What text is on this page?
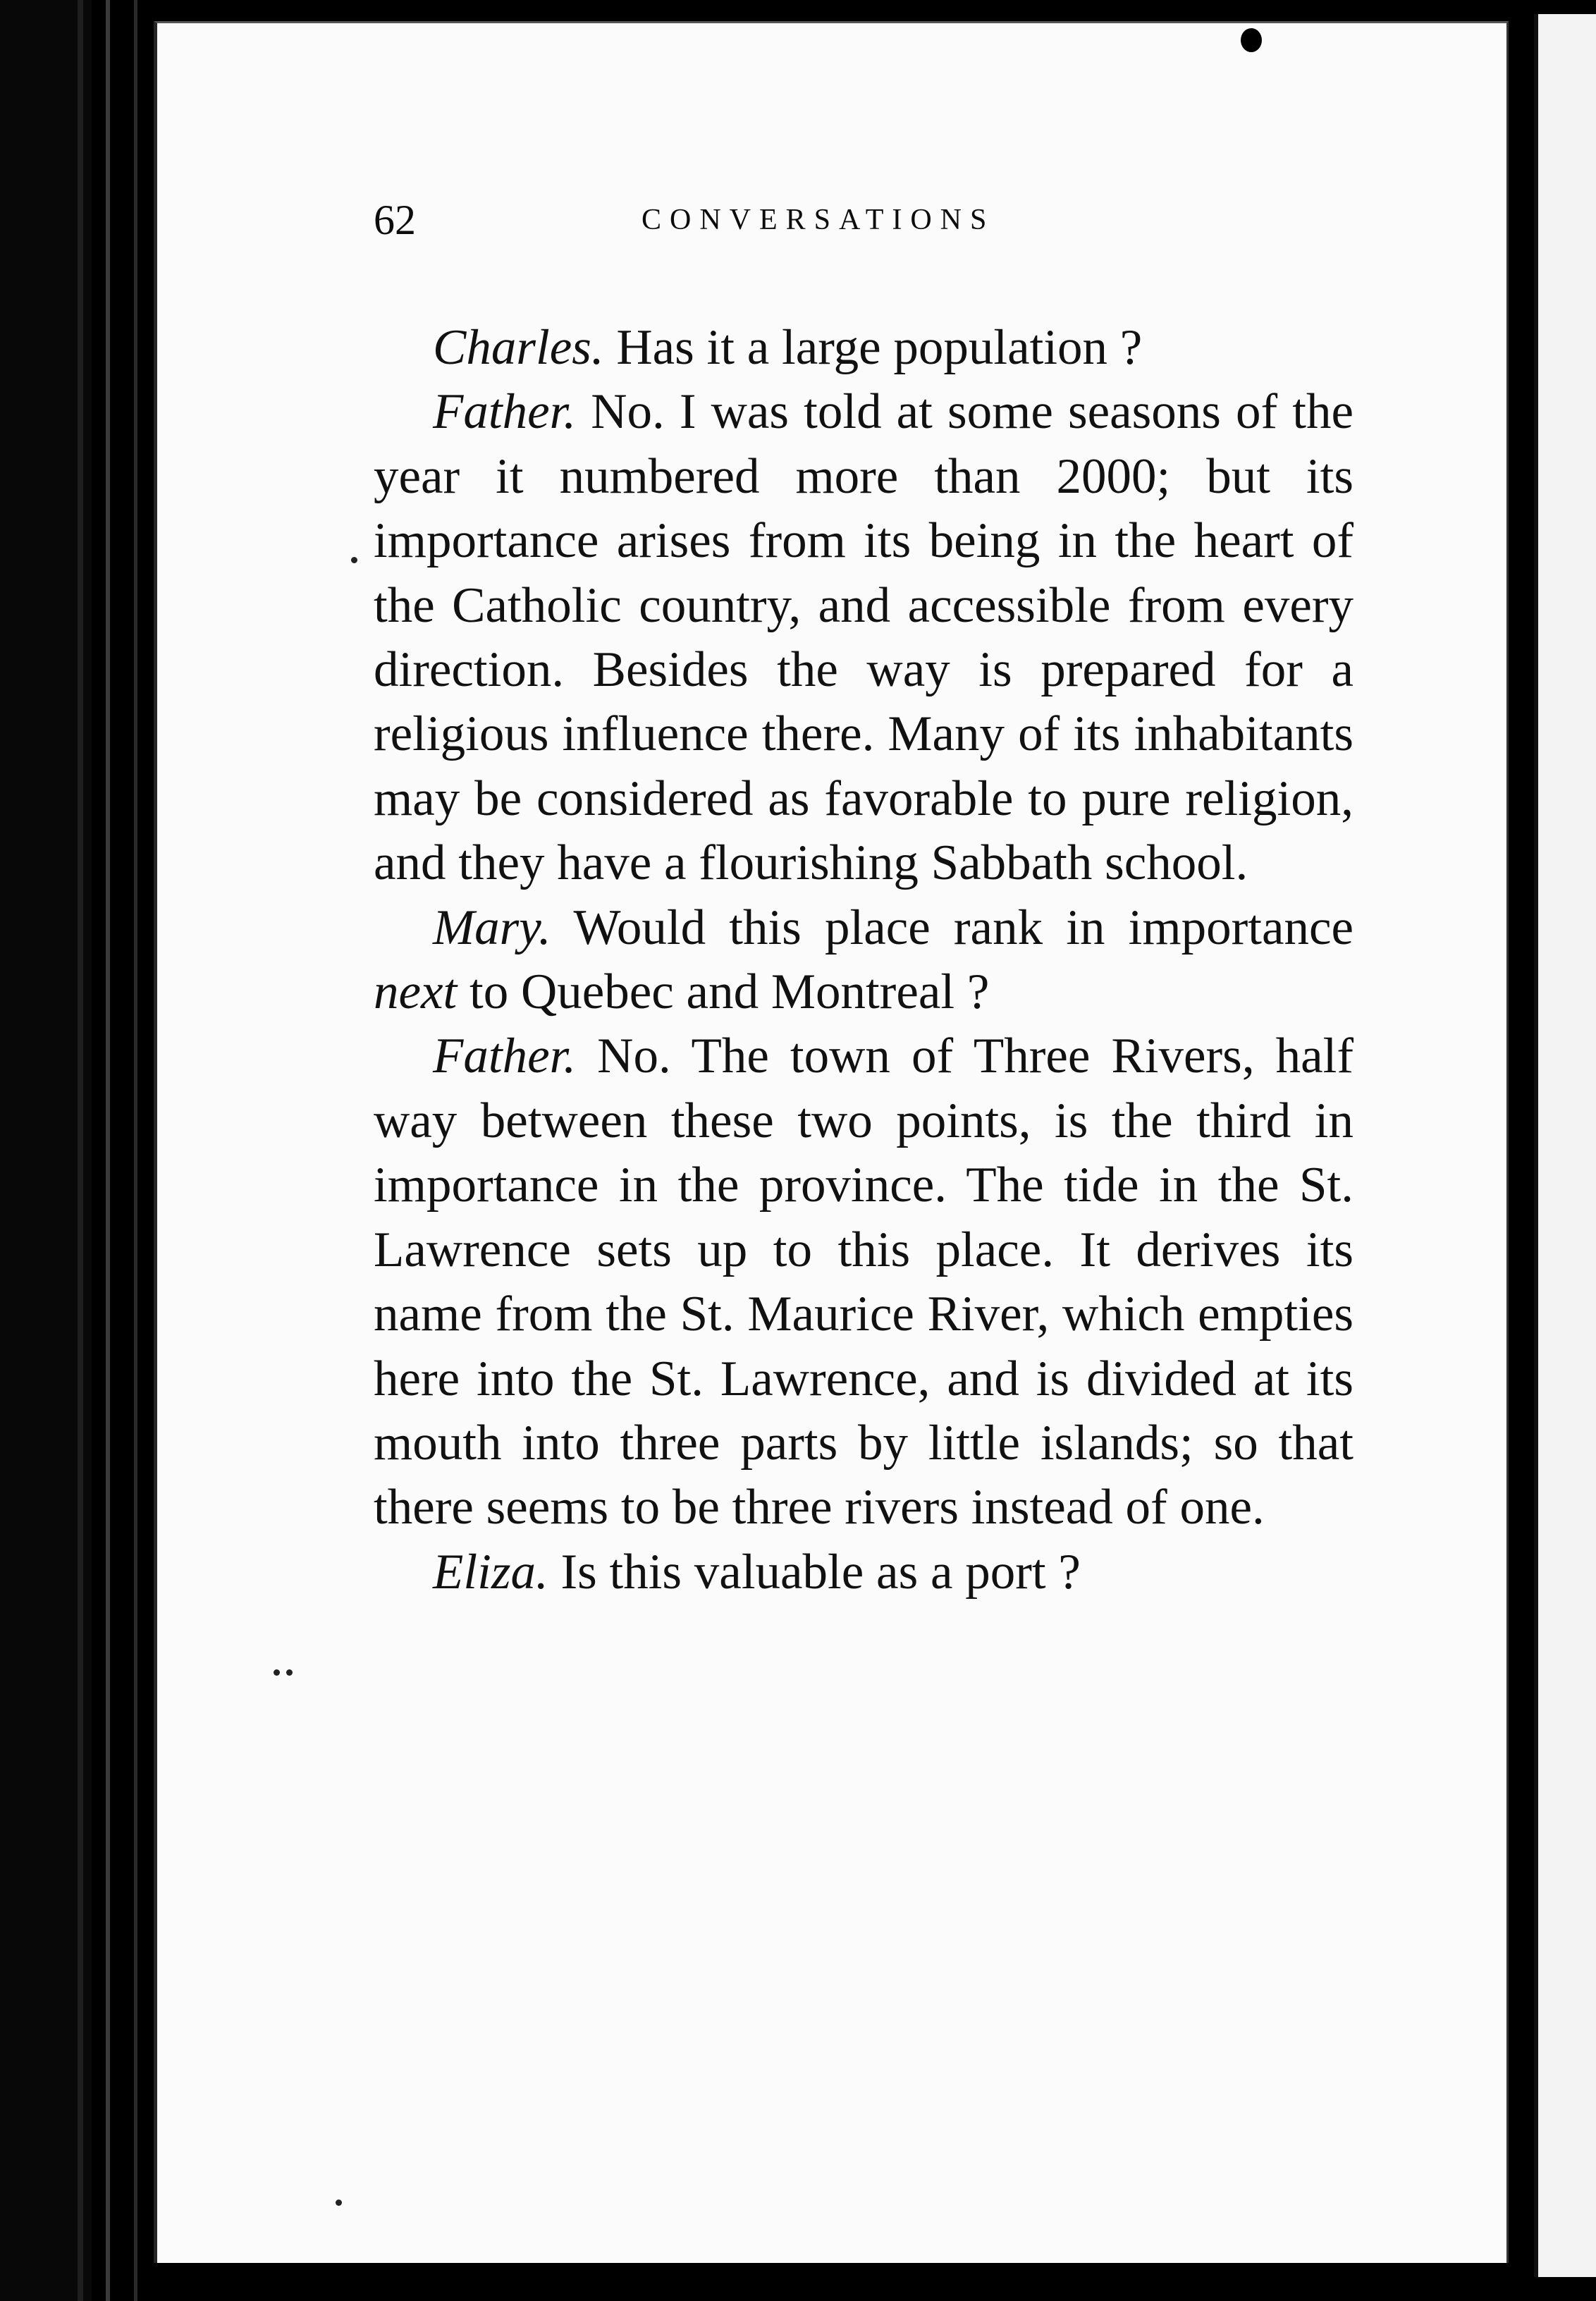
62	CONVERSATIONS

Charles. Has it a large population ?

Father. No. I was told at some seasons of the year it numbered more than 2000; but its importance arises from its being in the heart of the Catholic country, and accessible from every direction. Besides the way is prepared for a religious influence there. Many of its inhabitants may be considered as favorable to pure religion, and they have a flourishing Sabbath school.

Mary. Would this place rank in importance next to Quebec and Montreal ?

Father. No. The town of Three Rivers, half way between these two points, is the third in importance in the province. The tide in the St. Lawrence sets up to this place. It derives its name from the St. Maurice River, which empties here into the St. Lawrence, and is divided at its mouth into three parts by little islands; so that there seems to be three rivers instead of one.

Eliza. Is this valuable as a port ?
